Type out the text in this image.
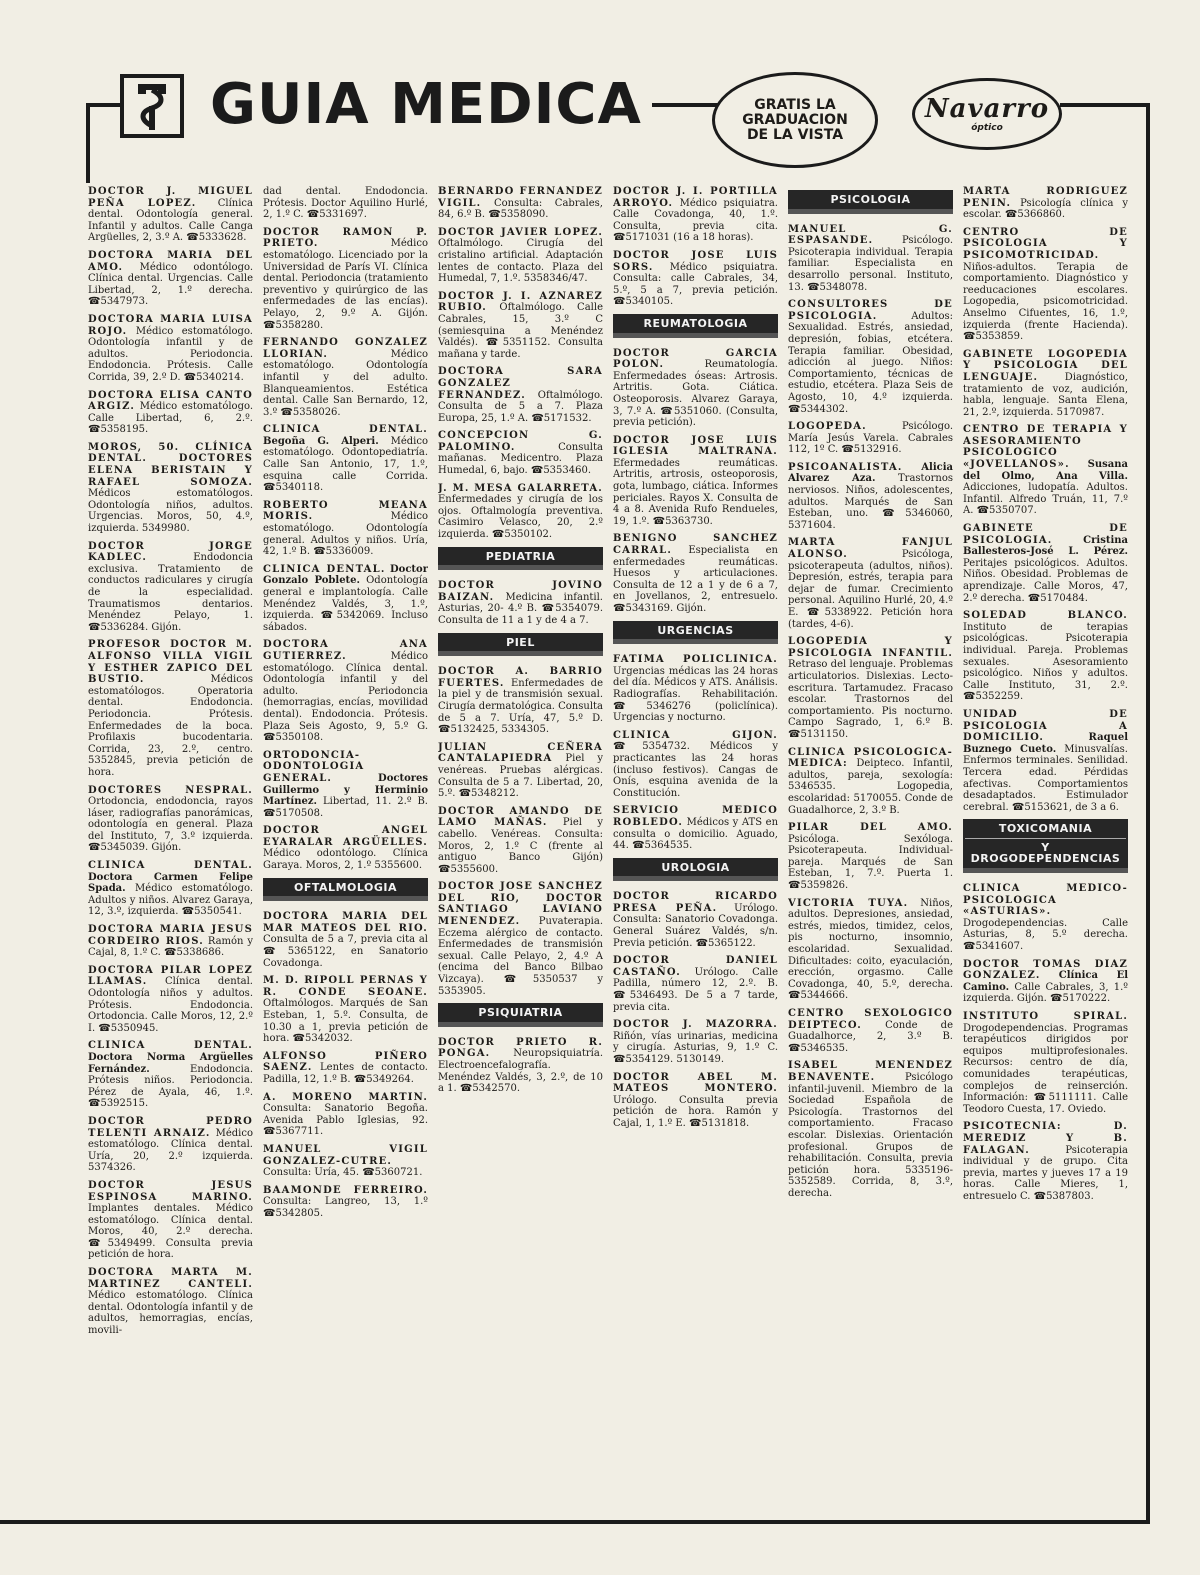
GUIA MEDICA	GRATIS LA
GRADUACION
DE LA VISTA
Navarro
óptico

DOCTOR J. MIGUEL PEÑA LOPEZ. Clínica dental. Odontología general. Infantil y adultos. Calle Canga Argüelles, 2, 3.º A. ☎5333628.

DOCTORA MARIA DEL AMO. Médico odontólogo. Clínica dental. Urgencias. Calle Libertad, 2, 1.º derecha. ☎5347973.

DOCTORA MARIA LUISA ROJO. Médico estomatólogo. Odontología infantil y de adultos. Periodoncia. Endodoncia. Prótesis. Calle Corrida, 39, 2.º D. ☎5340214.

DOCTORA ELISA CANTO ARGIZ. Médico estomatólogo. Calle Libertad, 6, 2.º. ☎5358195.

MOROS, 50. CLÍNICA DENTAL. DOCTORES ELENA BERISTAIN Y RAFAEL SOMOZA. Médicos estomatólogos. Odontología niños, adultos. Urgencias. Moros, 50, 4.º, izquierda. 5349980.

DOCTOR JORGE KADLEC.	Endodoncia exclusiva. Tratamiento de conductos radiculares y cirugía de la especialidad. Traumatismos dentarios. Menéndez Pelayo, 1. ☎5336284. Gijón.

PROFESOR DOCTOR M. ALFONSO VILLA VIGIL Y ESTHER ZAPICO DEL BUSTIO.	Médicos estomatólogos. Operatoria dental. Endodoncia. Periodoncia. Prótesis. Enfermedades de la boca. Profilaxis bucodentaria. Corrida, 23, 2.º, centro. 5352845, previa petición de hora.

DOCTORES NESPRAL. Ortodoncia, endodoncia, rayos láser, radiografías panorámicas, odontología en general. Plaza del Instituto, 7, 3.º izquierda. ☎5345039. Gijón.

CLINICA DENTAL. Doctora Carmen Felipe Spada. Médico estomatólogo. Adultos y niños. Alvarez Garaya, 12, 3.º, izquierda. ☎5350541.

DOCTORA MARIA JESUS CORDEIRO RIOS. Ramón y Cajal, 8, 1.º C. ☎5338686.

DOCTORA PILAR LOPEZ LLAMAS. Clínica dental. Odontología niños y adultos. Prótesis. Endodoncia. Ortodoncia. Calle Moros, 12, 2.º I. ☎5350945.

CLINICA DENTAL. Doctora Norma Argüelles Fernández.	Endodoncia. Prótesis niños. Periodoncia. Pérez de Ayala, 46, 1.º. ☎5392515.

DOCTOR PEDRO TELENTI ARNAIZ. Médico estomatólogo. Clínica dental. Uría, 20, 2.º izquierda. 5374326.

DOCTOR JESUS ESPINOSA MARINO. Implantes dentales. Médico estomatólogo. Clínica dental. Moros, 40, 2.º derecha. ☎5349499. Consulta previa petición de hora.

DOCTORA MARTA M. MARTINEZ CANTELI. Médico estomatólogo. Clínica dental. Odontología infantil y de adultos, hemorragias, encías, movili-

dad dental. Endodoncia. Prótesis. Doctor Aquilino Hurlé, 2, 1.º C. ☎5331697.

DOCTOR RAMON P. PRIETO.	Médico estomatólogo. Licenciado por la Universidad de París VI. Clínica dental. Periodoncia (tratamiento preventivo y quirúrgico de las enfermedades de las encías). Pelayo, 2, 9.º A. Gijón. ☎5358280.

FERNANDO GONZALEZ LLORIAN.	Médico estomatólogo. Odontología infantil y del adulto. Blanqueamientos. Estética dental. Calle San Bernardo, 12, 3.º ☎5358026.

CLINICA DENTAL. Begoña G. Alperi. Médico estomatólogo. Odontopediatría. Calle San Antonio, 17, 1.º, esquina calle Corrida. ☎5340118.

ROBERTO MEANA MORIS.	Médico estomatólogo. Odontología general. Adultos y niños. Uría, 42, 1.º B. ☎5336009.

CLINICA DENTAL. Doctor Gonzalo Poblete. Odontología general e implantología. Calle Menéndez Valdés, 3, 1.º, izquierda. ☎5342069. Incluso sábados.

DOCTORA ANA GUTIERREZ.	Médico estomatólogo. Clínica dental. Odontología infantil y del adulto. Periodoncia (hemorragias, encías, movilidad dental). Endodoncia. Prótesis. Plaza Seis Agosto, 9, 5.º G. ☎5350108.

ORTODONCIA-ODONTOLOGIA GENERAL.	Doctores Guillermo y Herminio Martínez. Libertad, 11. 2.º B. ☎5170508.

DOCTOR ANGEL EYARALAR ARGÜELLES. Médico odontólogo. Clínica Garaya. Moros, 2, 1.º 5355600.

OFTALMOLOGIA

DOCTORA MARIA DEL MAR MATEOS DEL RIO. Consulta de 5 a 7, previa cita al ☎5365122, en Sanatorio Covadonga.

M. D. RIPOLL PERNAS Y R. CONDE SEOANE. Oftalmólogos. Marqués de San Esteban, 1, 5.º. Consulta, de 10.30 a 1, previa petición de hora. ☎5342032.

ALFONSO PIÑERO SAENZ. Lentes de contacto. Padilla, 12, 1.º B. ☎5349264.

A. MORENO MARTIN. Consulta: Sanatorio Begoña. Avenida Pablo Iglesias, 92. ☎5367711.

MANUEL VIGIL GONZALEZ-CUTRE. Consulta: Uría, 45. ☎5360721.

BAAMONDE FERREIRO. Consulta: Langreo, 13, 1.º ☎5342805.

BERNARDO FERNANDEZ VIGIL. Consulta: Cabrales, 84, 6.º B. ☎5358090.

DOCTOR JAVIER LOPEZ. Oftalmólogo. Cirugía del cristalino artificial. Adaptación lentes de contacto. Plaza del Humedal, 7, 1.º. 5358346/47.

DOCTOR J. I. AZNAREZ RUBIO. Oftalmólogo. Calle Cabrales, 15, 3.º C (semiesquina a Menéndez Valdés). ☎5351152. Consulta mañana y tarde.

DOCTORA SARA GONZALEZ FERNANDEZ. Oftalmólogo. Consulta de 5 a 7. Plaza Europa, 25, 1.º A. ☎5171532.

CONCEPCION G. PALOMINO.	Consulta mañanas. Medicentro. Plaza Humedal, 6, bajo. ☎5353460.

J. M. MESA GALARRETA. Enfermedades y cirugía de los ojos. Oftalmología preventiva. Casimiro Velasco, 20, 2.º izquierda. ☎5350102.

PEDIATRIA

DOCTOR JOVINO BAIZAN. Medicina infantil. Asturias, 20- 4.º B. ☎5354079. Consulta de 11 a 1 y de 4 a 7.

PIEL

DOCTOR A. BARRIO FUERTES. Enfermedades de la piel y de transmisión sexual. Cirugía dermatológica. Consulta de 5 a 7. Uría, 47, 5.º D. ☎5132425, 5334305.

JULIAN CEÑERA CANTALAPIEDRA Piel y venéreas. Pruebas alérgicas. Consulta de 5 a 7. Libertad, 20, 5.º. ☎5348212.

DOCTOR AMANDO DE LAMO MAÑAS. Piel y cabello. Venéreas. Consulta: Moros, 2, 1.º C (frente al antiguo Banco Gijón) ☎5355600.

DOCTOR JOSE SANCHEZ DEL RIO, DOCTOR SANTIAGO LAVIANO MENENDEZ. Puvaterapia. Eczema alérgico de contacto. Enfermedades de transmisión sexual. Calle Pelayo, 2, 4.º A (encima del Banco Bilbao Vizcaya). ☎5350537 y 5353905.

PSIQUIATRIA

DOCTOR PRIETO R. PONGA. Neuropsiquiatría. Electroencefalografía. Menéndez Valdés, 3, 2.º, de 10 a 1. ☎5342570.

DOCTOR J. I. PORTILLA ARROYO. Médico psiquiatra. Calle Covadonga, 40, 1.º. Consulta, previa cita. ☎5171031 (16 a 18 horas).

DOCTOR JOSE LUIS SORS. Médico psiquiatra. Consulta: calle Cabrales, 34, 5.º, 5 a 7, previa petición. ☎5340105.

REUMATOLOGIA

DOCTOR GARCIA POLON.	Reumatología. Enfermedades óseas: Artrosis. Artritis. Gota. Ciática. Osteoporosis. Alvarez Garaya, 3, 7.º A. ☎5351060. (Consulta, previa petición).

DOCTOR JOSE LUIS IGLESIA MALTRANA. Efermedades reumáticas. Artritis, artrosis, osteoporosis, gota, lumbago, ciática. Informes periciales. Rayos X. Consulta de 4 a 8. Avenida Rufo Rendueles, 19, 1.º. ☎5363730.

BENIGNO SANCHEZ CARRAL. Especialista en enfermedades reumáticas. Huesos y articulaciones. Consulta de 12 a 1 y de 6 a 7, en Jovellanos, 2, entresuelo. ☎5343169. Gijón.

URGENCIAS

FATIMA POLICLINICA. Urgencias médicas las 24 horas del día. Médicos y ATS. Análisis. Radiografías. Rehabilitación. ☎5346276 (policlínica). Urgencias y nocturno.

CLINICA GIJON. ☎5354732. Médicos y practicantes las 24 horas (incluso festivos). Cangas de Onís, esquina avenida de la Constitución.

SERVICIO MEDICO ROBLEDO. Médicos y ATS en consulta o domicilio. Aguado, 44. ☎5364535.

UROLOGIA

DOCTOR RICARDO PRESA PEÑA. Urólogo. Consulta: Sanatorio Covadonga. General Suárez Valdés, s/n. Previa petición. ☎5365122.

DOCTOR DANIEL CASTAÑO. Urólogo. Calle Padilla, número 12, 2.º. B. ☎5346493. De 5 a 7 tarde, previa cita.

DOCTOR J. MAZORRA. Riñón, vías urinarias, medicina y cirugía. Asturias, 9, 1.º C. ☎5354129. 5130149.

DOCTOR ABEL M. MATEOS MONTERO. Urólogo. Consulta previa petición de hora. Ramón y Cajal, 1, 1.º E. ☎5131818.

PSICOLOGIA

MANUEL G. ESPASANDE.	Psicólogo. Psicoterapia individual. Terapia familiar. Especialista en desarrollo personal. Instituto, 13. ☎5348078.

CONSULTORES DE PSICOLOGIA.	Adultos: Sexualidad. Estrés, ansiedad, depresión, fobias, etcétera. Terapia familiar. Obesidad, adicción al juego. Niños: Comportamiento, técnicas de estudio, etcétera. Plaza Seis de Agosto, 10, 4.º izquierda. ☎5344302.

LOGOPEDA.	Psicólogo. María Jesús Varela. Cabrales 112, 1º C. ☎5132916.

PSICOANALISTA. Alicia Alvarez Aza. Trastornos nerviosos. Niños, adolescentes, adultos. Marqués de San Esteban, uno. ☎5346060, 5371604.

MARTA FANJUL ALONSO.	Psicóloga, psicoterapeuta (adultos, niños). Depresión, estrés, terapia para dejar de fumar. Crecimiento personal. Aquilino Hurlé, 20, 4.º E. ☎5338922. Petición hora (tardes, 4-6).

LOGOPEDIA Y PSICOLOGIA INFANTIL. Retraso del lenguaje. Problemas articulatorios. Dislexias. Lecto-escritura. Tartamudez. Fracaso escolar. Trastornos del comportamiento. Pis nocturno. Campo Sagrado, 1, 6.º B. ☎5131150.

CLINICA PSICOLOGICA-MEDICA: Deipteco. Infantil, adultos, pareja, sexología: 5346535. Logopedia, escolaridad: 5170055. Conde de Guadalhorce, 2, 3.º B.

PILAR DEL AMO. Psicóloga. Sexóloga. Psicoterapeuta. Individual-pareja. Marqués de San Esteban, 1, 7.º. Puerta 1. ☎5359826.

VICTORIA TUYA. Niños, adultos. Depresiones, ansiedad, estrés, miedos, timidez, celos, pis nocturno, insomnio, escolaridad. Sexualidad. Dificultades: coito, eyaculación, erección, orgasmo. Calle Covadonga, 40, 5.º, derecha. ☎5344666.

CENTRO SEXOLOGICO DEIPTECO. Conde de Guadalhorce, 2, 3.º B. ☎5346535.

ISABEL MENENDEZ BENAVENTE.	Psicólogo infantil-juvenil. Miembro de la Sociedad Española de Psicología. Trastornos del comportamiento. Fracaso escolar. Dislexias. Orientación profesional. Grupos de rehabilitación. Consulta, previa petición hora. 5335196-5352589. Corrida, 8, 3.º, derecha.

MARTA RODRIGUEZ PENIN. Psicología clínica y escolar. ☎5366860.

CENTRO DE PSICOLOGIA Y PSICOMOTRICIDAD. Niños-adultos. Terapia de comportamiento. Diagnóstico y reeducaciones escolares. Logopedia, psicomotricidad. Anselmo Cifuentes, 16, 1.º, izquierda (frente Hacienda). ☎5353859.

GABINETE LOGOPEDIA Y PSICOLOGIA DEL LENGUAJE.	Diagnóstico, tratamiento de voz, audición, habla, lenguaje. Santa Elena, 21, 2.º, izquierda. 5170987.

CENTRO DE TERAPIA Y ASESORAMIENTO PSICOLOGICO «JOVELLANOS». Susana del Olmo, Ana Villa. Adicciones, ludopatía. Adultos. Infantil. Alfredo Truán, 11, 7.º A. ☎5350707.

GABINETE DE PSICOLOGIA.	Cristina Ballesteros-José L. Pérez. Peritajes psicológicos. Adultos. Niños. Obesidad. Problemas de aprendizaje. Calle Moros, 47, 2.º derecha. ☎5170484.

SOLEDAD BLANCO. Instituto de terapias psicológicas. Psicoterapia individual. Pareja. Problemas sexuales. Asesoramiento psicológico. Niños y adultos. Calle Instituto, 31, 2.º. ☎5352259.

UNIDAD DE PSICOLOGIA A DOMICILIO.	Raquel Buznego Cueto. Minusvalías. Enfermos terminales. Senilidad. Tercera edad. Pérdidas afectivas. Comportamientos desadaptados. Estimulador cerebral. ☎5153621, de 3 a 6.

TOXICOMANIA
Y DROGODEPENDENCIAS

CLINICA MEDICO-PSICOLOGICA «ASTURIAS». Drogodependencias. Calle Asturias, 8, 5.º derecha. ☎5341607.

DOCTOR TOMAS DIAZ GONZALEZ. Clínica El Camino. Calle Cabrales, 3, 1.º izquierda. Gijón. ☎5170222.

INSTITUTO SPIRAL. Drogodependencias. Programas terapéuticos dirigidos por equipos multiprofesionales. Recursos: centro de día, comunidades terapéuticas, complejos de reinserción. Información: ☎5111111. Calle Teodoro Cuesta, 17. Oviedo.

PSICOTECNIA: D. MEREDIZ Y B. FALAGAN.	Psicoterapia individual y de grupo. Cita previa, martes y jueves 17 a 19 horas. Calle Mieres, 1, entresuelo C. ☎5387803.
